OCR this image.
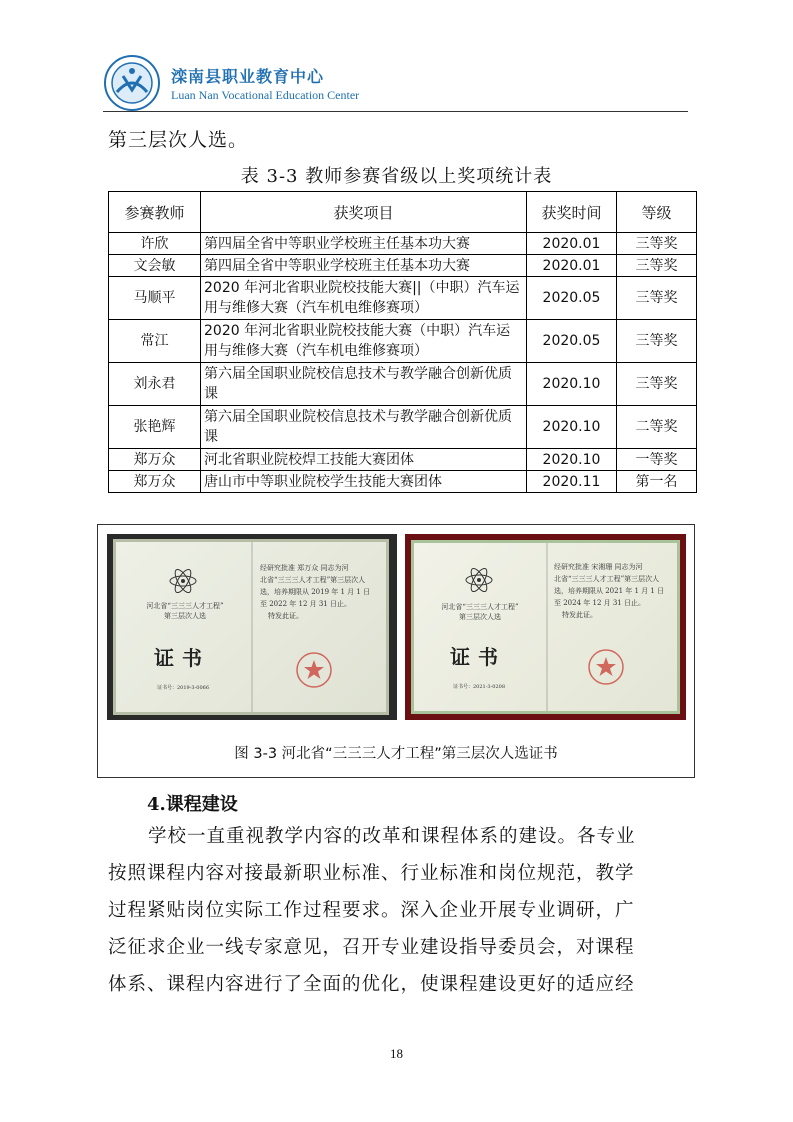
滦南县职业教育中心
Luan Nan Vocational Education Center
第三层次人选。
表 3-3 教师参赛省级以上奖项统计表
参赛教师	获奖项目	获奖时间	等级
许欣	第四届全省中等职业学校班主任基本功大赛	2020.01	三等奖
文会敏	第四届全省中等职业学校班主任基本功大赛	2020.01	三等奖
马顺平	2020 年河北省职业院校技能大赛||（中职）汽车运用与维修大赛（汽车机电维修赛项）	2020.05	三等奖
常江	2020 年河北省职业院校技能大赛（中职）汽车运用与维修大赛（汽车机电维修赛项）	2020.05	三等奖
刘永君	第六届全国职业院校信息技术与教学融合创新优质课	2020.10	三等奖
张艳辉	第六届全国职业院校信息技术与教学融合创新优质课	2020.10	二等奖
郑万众	河北省职业院校焊工技能大赛团体	2020.10	一等奖
郑万众	唐山市中等职业院校学生技能大赛团体	2020.11	第一名
河北省“三三三人才工程”
第三层次人选
证书
证书号：2019-3-0066
经研究批准 郑万众 同志为河
北省“三三三人才工程”第三层次人
选，培养期限从 2019 年 1 月 1 日
至 2022 年 12 月 31 日止。
特发此证。
河北省“三三三人才工程”
第三层次人选
证书
证书号：2021-3-0208
经研究批准 宋湘珊 同志为河
北省“三三三人才工程”第三层次人
选，培养期限从 2021 年 1 月 1 日
至 2024 年 12 月 31 日止。
特发此证。
图 3-3 河北省“三三三人才工程”第三层次人选证书
4.课程建设
学校一直重视教学内容的改革和课程体系的建设。各专业
按照课程内容对接最新职业标准、行业标准和岗位规范，教学
过程紧贴岗位实际工作过程要求。深入企业开展专业调研，广
泛征求企业一线专家意见，召开专业建设指导委员会，对课程
体系、课程内容进行了全面的优化，使课程建设更好的适应经
18
